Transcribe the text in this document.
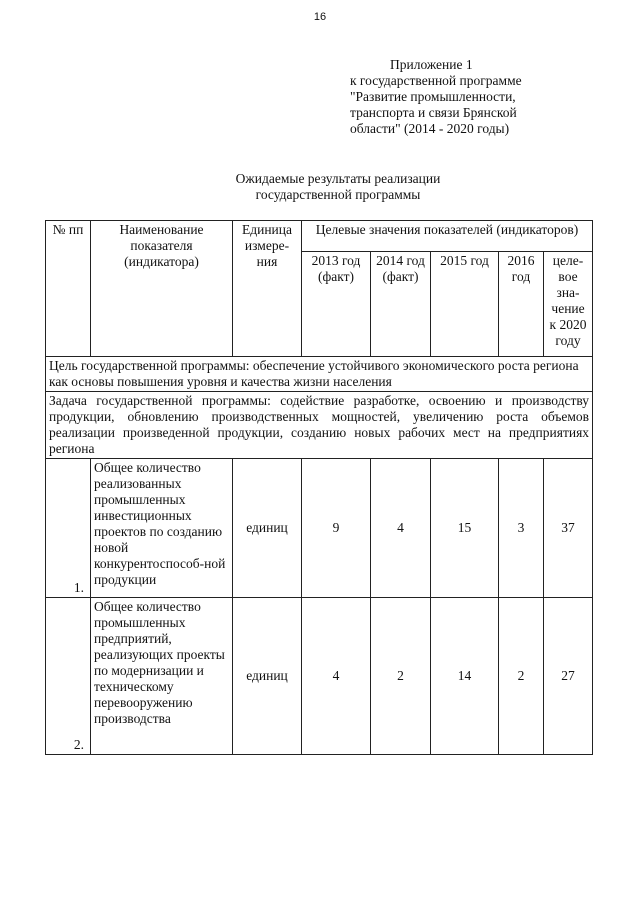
16
Приложение 1
к государственной программе
"Развитие промышленности,
транспорта и связи Брянской
области" (2014 - 2020 годы)
Ожидаемые результаты реализации
государственной программы
№ пп	Наименование показателя (индикатора)	Единица измере-ния	Целевые значения показателей (индикаторов)				
			2013 год (факт)	2014 год (факт)	2015 год	2016 год	целе-вое зна-чение к 2020 году
Цель государственной программы: обеспечение устойчивого экономического роста региона как основы повышения уровня и качества жизни населения							
Задача государственной программы: содействие разработке, освоению и производству продукции, обновлению производственных мощностей, увеличению роста объемов реализации произведенной продукции, созданию новых рабочих мест на предприятиях региона							
1.	Общее количество реализованных промышленных инвестиционных проектов по созданию новой конкурентоспособ-ной продукции	единиц	9	4	15	3	37
2.	Общее количество промышленных предприятий, реализующих проекты по модернизации и техническому перевооружению производства	единиц	4	2	14	2	27
